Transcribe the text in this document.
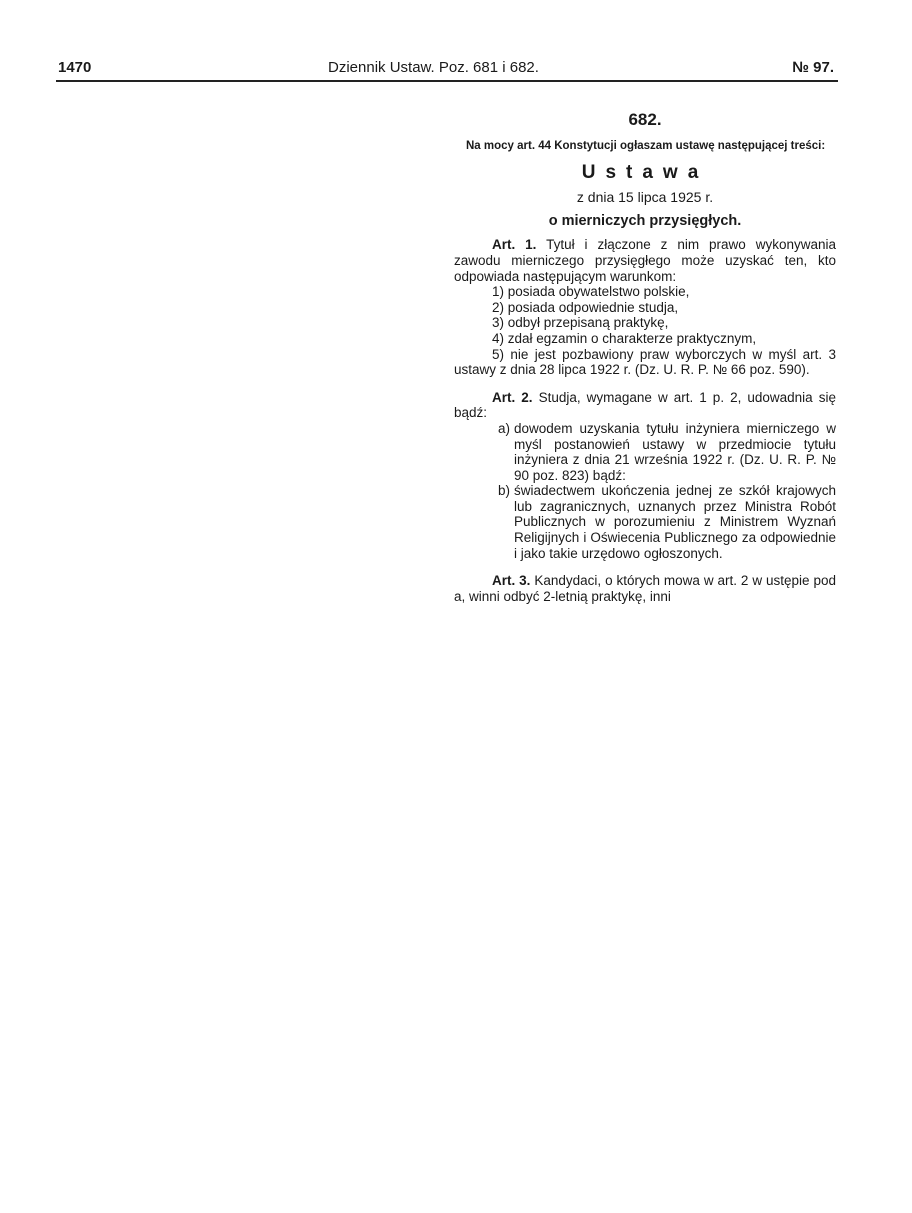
1470	Dziennik Ustaw. Poz. 681 i 682.	№ 97.
682.

Na mocy art. 44 Konstytucji ogłaszam ustawę następującej treści:

Ustawa
z dnia 15 lipca 1925 r.
o mierniczych przysięgłych.

Art. 1. Tytuł i złączone z nim prawo wykonywania zawodu mierniczego przysięgłego może uzyskać ten, kto odpowiada następującym warunkom:

1) posiada obywatelstwo polskie,

2) posiada odpowiednie studja,

3) odbył przepisaną praktykę,

4) zdał egzamin o charakterze praktycznym,

5) nie jest pozbawiony praw wyborczych w myśl art. 3 ustawy z dnia 28 lipca 1922 r. (Dz. U. R. P. № 66 poz. 590).

Art. 2. Studja, wymagane w art. 1 p. 2, udowadnia się bądź:

a) dowodem uzyskania tytułu inżyniera mierniczego w myśl postanowień ustawy w przedmiocie tytułu inżyniera z dnia 21 września 1922 r. (Dz. U. R. P. № 90 poz. 823) bądź:
b) świadectwem ukończenia jednej ze szkół krajowych lub zagranicznych, uznanych przez Ministra Robót Publicznych w porozumieniu z Ministrem Wyznań Religijnych i Oświecenia Publicznego za odpowiednie i jako takie urzędowo ogłoszonych.

Art. 3. Kandydaci, o których mowa w art. 2 w ustępie pod a, winni odbyć 2-letnią praktykę, inni
